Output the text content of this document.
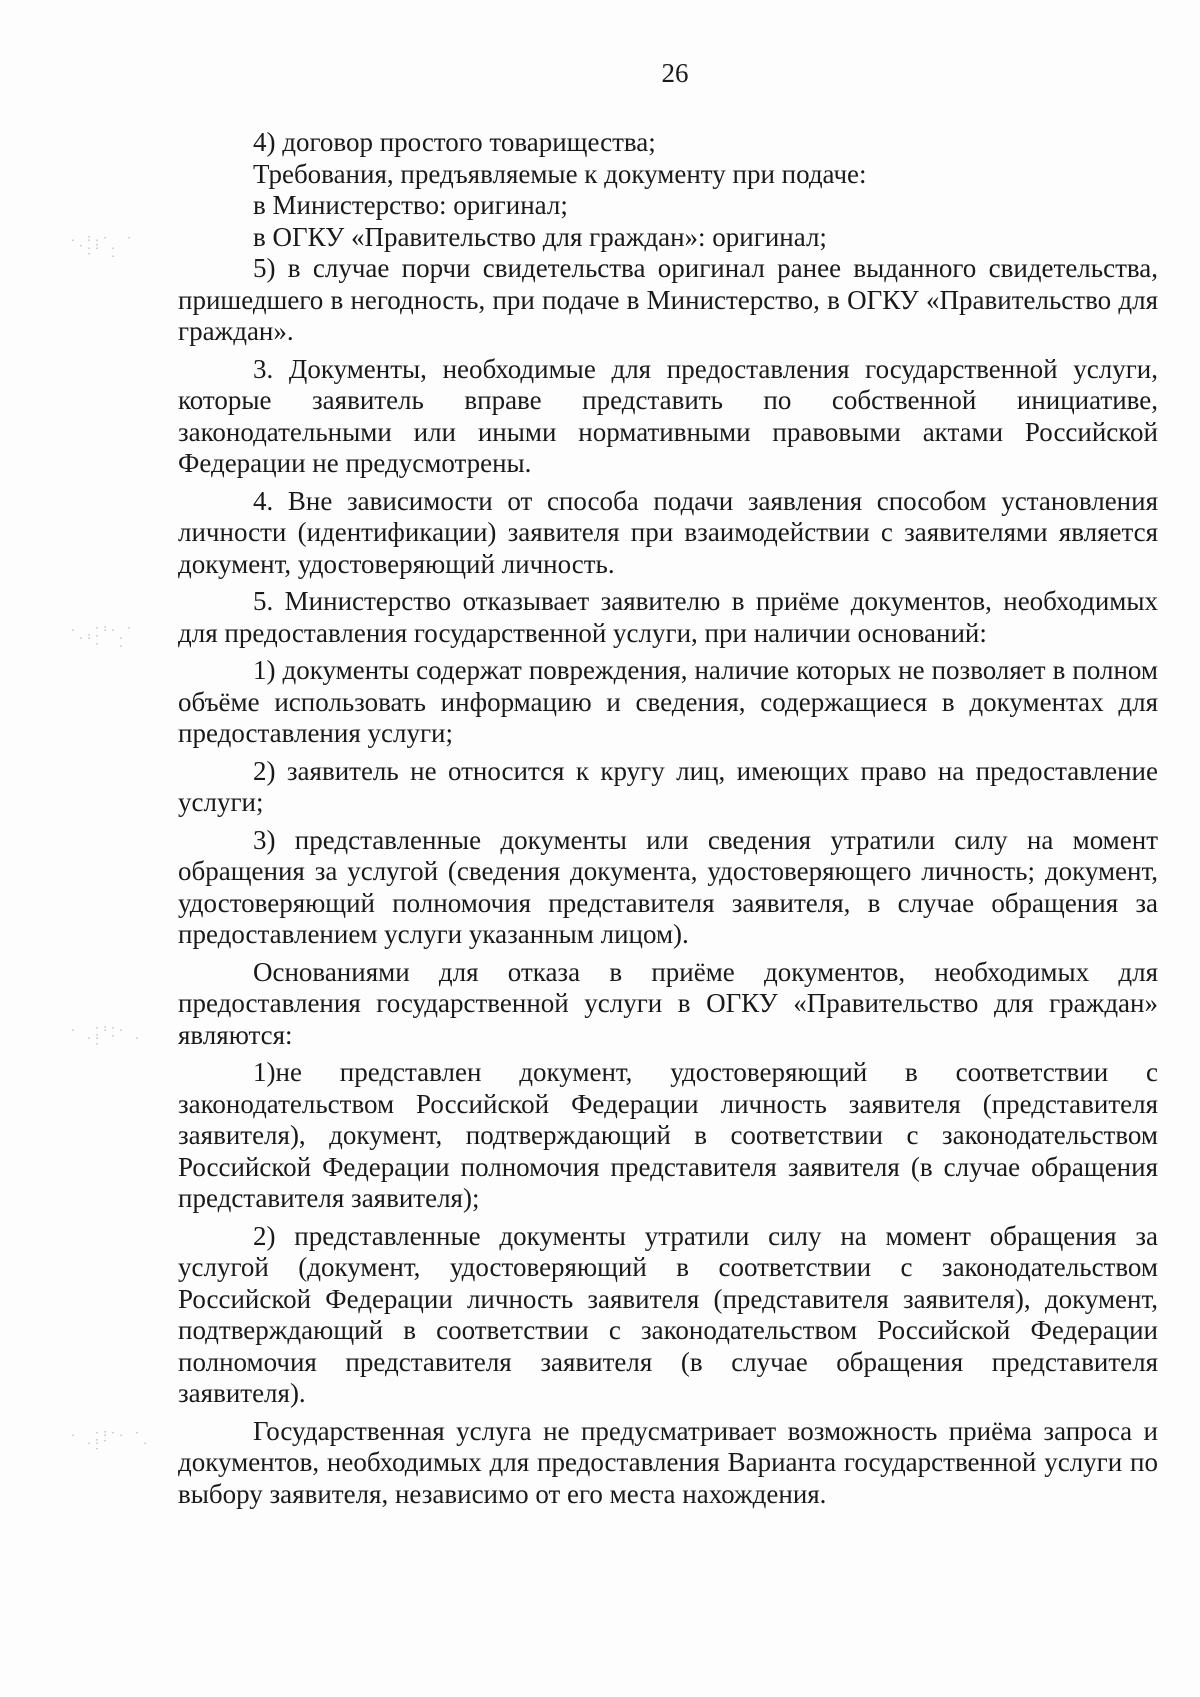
26

4) договор простого товарищества;

Требования, предъявляемые к документу при подаче:

в Министерство: оригинал;

в ОГКУ «Правительство для граждан»: оригинал;

5) в случае порчи свидетельства оригинал ранее выданного свидетельства, пришедшего в негодность, при подаче в Министерство, в ОГКУ «Правительство для граждан».

3. Документы, необходимые для предоставления государственной услуги, которые заявитель вправе представить по собственной инициативе, законодательными или иными нормативными правовыми актами Российской Федерации не предусмотрены.

4. Вне зависимости от способа подачи заявления способом установления личности (идентификации) заявителя при взаимодействии с заявителями является документ, удостоверяющий личность.

5. Министерство отказывает заявителю в приёме документов, необходимых для предоставления государственной услуги, при наличии оснований:

1) документы содержат повреждения, наличие которых не позволяет в полном объёме использовать информацию и сведения, содержащиеся в документах для предоставления услуги;

2) заявитель не относится к кругу лиц, имеющих право на предоставление услуги;

3) представленные документы или сведения утратили силу на момент обращения за услугой (сведения документа, удостоверяющего личность; документ, удостоверяющий полномочия представителя заявителя, в случае обращения за предоставлением услуги указанным лицом).

Основаниями для отказа в приёме документов, необходимых для предоставления государственной услуги в ОГКУ «Правительство для граждан» являются:

1)не представлен документ, удостоверяющий в соответствии с законодательством Российской Федерации личность заявителя (представителя заявителя), документ, подтверждающий в соответствии с законодательством Российской Федерации полномочия представителя заявителя (в случае обращения представителя заявителя);

2) представленные документы утратили силу на момент обращения за услугой (документ, удостоверяющий в соответствии с законодательством Российской Федерации личность заявителя (представителя заявителя), документ, подтверждающий в соответствии с законодательством Российской Федерации полномочия представителя заявителя (в случае обращения представителя заявителя).

Государственная услуга не предусматривает возможность приёма запроса и документов, необходимых для предоставления Варианта государственной услуги по выбору заявителя, независимо от его места нахождения.

. :.·  ·
·.: .
·  .
.  ·:. ·
.:·  .
·  .
.  ·:·.
.: ·  .
·
.  ·:·. ·
.:·    .
·
